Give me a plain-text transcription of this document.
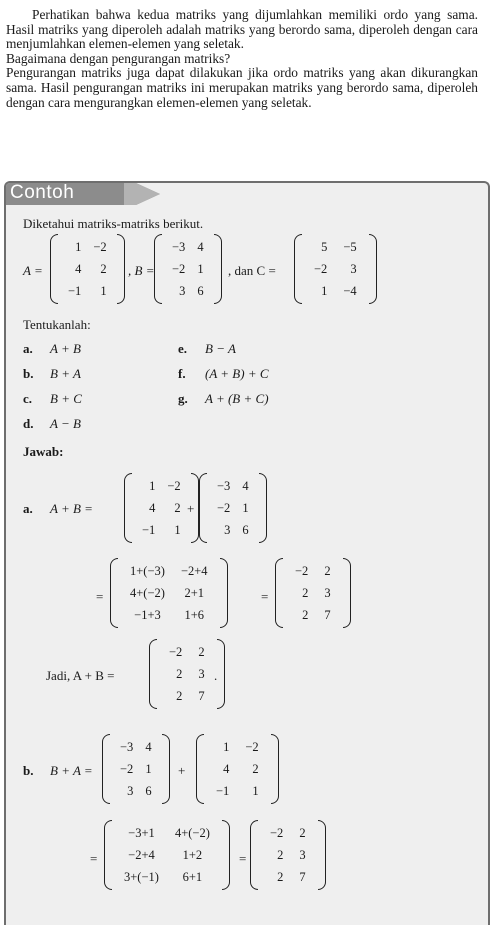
Perhatikan bahwa kedua matriks yang dijumlahkan memiliki ordo yang sama. Hasil matriks yang diperoleh adalah matriks yang berordo sama, diperoleh dengan cara menjumlahkan elemen-elemen yang seletak.

Bagaimana dengan pengurangan matriks?

Pengurangan matriks juga dapat dilakukan jika ordo matriks yang akan dikurangkan sama. Hasil pengurangan matriks ini merupakan matriks yang berordo sama, diperoleh dengan cara mengurangkan elemen-elemen yang seletak.

Contoh
Diketahui matriks-matriks berikut.
A =
1 −2
4	2
−1	1
, B =
−3 4
−2 1
3 6
, dan C =
5	−5
−2	3
1	−4
Tentukanlah:
a. A + B
b. B + A
c. B + C
d. A − B
e. B − A
f. (A + B) + C
g. A + (B + C)
Jawab:
a. A + B =
1 −2
4	2
−1	1
+
−3 4
−2 1
3 6
=
1+(−3)	−2+4
4+(−2)	2+1
−1+3	1+6
=
−2	2
2	3
2	7
Jadi, A + B =
−2	2
2	3
2	7
.
b. B + A =
−3 4
−2 1
3 6
+
1	−2
4	2
−1	1
=
−3+1	4+(−2)
−2+4	1+2
3+(−1)	6+1
=
−2	2
2	3
2	7
